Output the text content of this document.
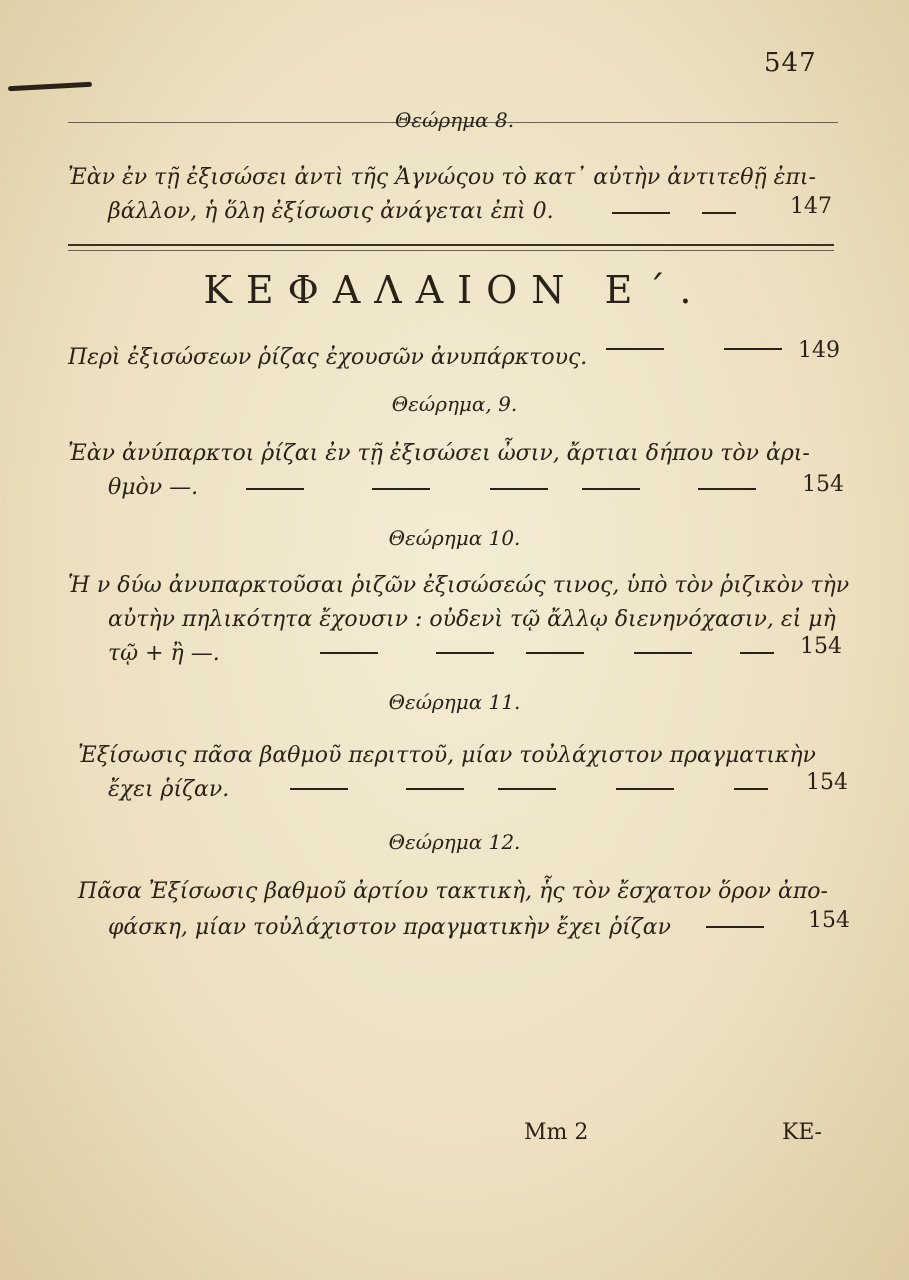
547
Θεώρημα 8.
Ἐὰν ἐν τῇ ἐξισώσει ἀντὶ τῆς Ἀγνώςου τὸ κατ᾽ αὐτὴν ἀντιτεθῇ ἐπι-
βάλλον, ἡ ὅλη ἐξίσωσις ἀνάγεται ἐπὶ 0.	147
ΚΕΦΑΛΑΙΟΝ Ε΄.
Περὶ ἐξισώσεων ῥίζας ἐχουσῶν ἀνυπάρκτους.	149
Θεώρημα, 9.
Ἐὰν ἀνύπαρκτοι ῥίζαι ἐν τῇ ἐξισώσει ὦσιν, ἄρτιαι δήπου τὸν ἀρι-
θμὸν —.	154
Θεώρημα 10.
Ἡ ν δύω ἀνυπαρκτοῦσαι ῥιζῶν ἐξισώσεώς τινος, ὑπὸ τὸν ῥιζικὸν τὴν
αὐτὴν πηλικότητα ἔχουσιν : οὐδενὶ τῷ ἄλλῳ διενηνόχασιν, εἰ μὴ
τῷ + ἢ —.	154
Θεώρημα 11.
Ἐξίσωσις πᾶσα βαθμοῦ περιττοῦ, μίαν τοὐλάχιστον πραγματικὴν
ἔχει ῥίζαν.	154
Θεώρημα 12.
Πᾶσα Ἐξίσωσις βαθμοῦ ἀρτίου τακτικὴ, ἧς τὸν ἔσχατον ὅρον ἀπο-
φάσκη, μίαν τοὐλάχιστον πραγματικὴν ἔχει ῥίζαν	154
Mm 2	ΚΕ-
